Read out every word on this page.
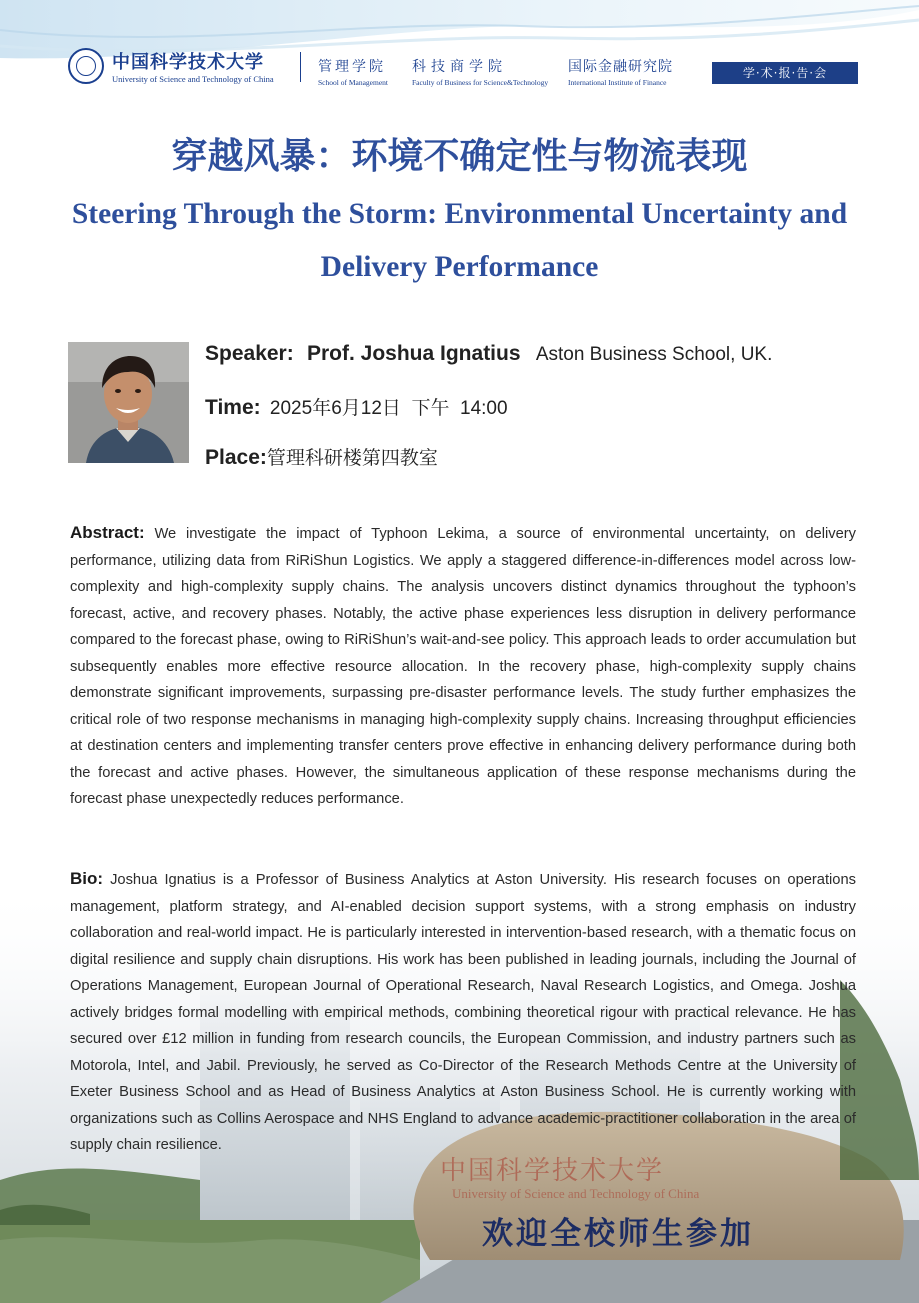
中国科学技术大学
University of Science and Technology of China
管理学院
School of Management
科技商学院
Faculty of Business for Science&Technology
国际金融研究院
International Institute of Finance
学·术·报·告·会
穿越风暴：环境不确定性与物流表现
Steering Through the Storm: Environmental Uncertainty and Delivery Performance
Speaker: Prof. Joshua Ignatius Aston Business School, UK.
Time: 2025年6月12日  下午  14:00
Place:管理科研楼第四教室
中国科学技术大学
University of Science and Technology of China
Abstract: We investigate the impact of Typhoon Lekima, a source of environmental uncertainty, on delivery performance, utilizing data from RiRiShun Logistics. We apply a staggered difference-in-differences model across low-complexity and high-complexity supply chains. The analysis uncovers distinct dynamics throughout the typhoon’s forecast, active, and recovery phases. Notably, the active phase experiences less disruption in delivery performance compared to the forecast phase, owing to RiRiShun’s wait-and-see policy. This approach leads to order accumulation but subsequently enables more effective resource allocation. In the recovery phase, high-complexity supply chains demonstrate significant improvements, surpassing pre-disaster performance levels. The study further emphasizes the critical role of two response mechanisms in managing high-complexity supply chains. Increasing throughput efficiencies at destination centers and implementing transfer centers prove effective in enhancing delivery performance during both the forecast and active phases. However, the simultaneous application of these response mechanisms during the forecast phase unexpectedly reduces performance.
Bio: Joshua Ignatius is a Professor of Business Analytics at Aston University. His research focuses on operations management, platform strategy, and AI-enabled decision support systems, with a strong emphasis on industry collaboration and real-world impact. He is particularly interested in intervention-based research, with a thematic focus on digital resilience and supply chain disruptions. His work has been published in leading journals, including the Journal of Operations Management, European Journal of Operational Research, Naval Research Logistics, and Omega. Joshua actively bridges formal modelling with empirical methods, combining theoretical rigour with practical relevance. He has secured over £12 million in funding from research councils, the European Commission, and industry partners such as Motorola, Intel, and Jabil. Previously, he served as Co-Director of the Research Methods Centre at the University of Exeter Business School and as Head of Business Analytics at Aston Business School. He is currently working with organizations such as Collins Aerospace and NHS England to advance academic-practitioner collaboration in the area of supply chain resilience.
欢迎全校师生参加
